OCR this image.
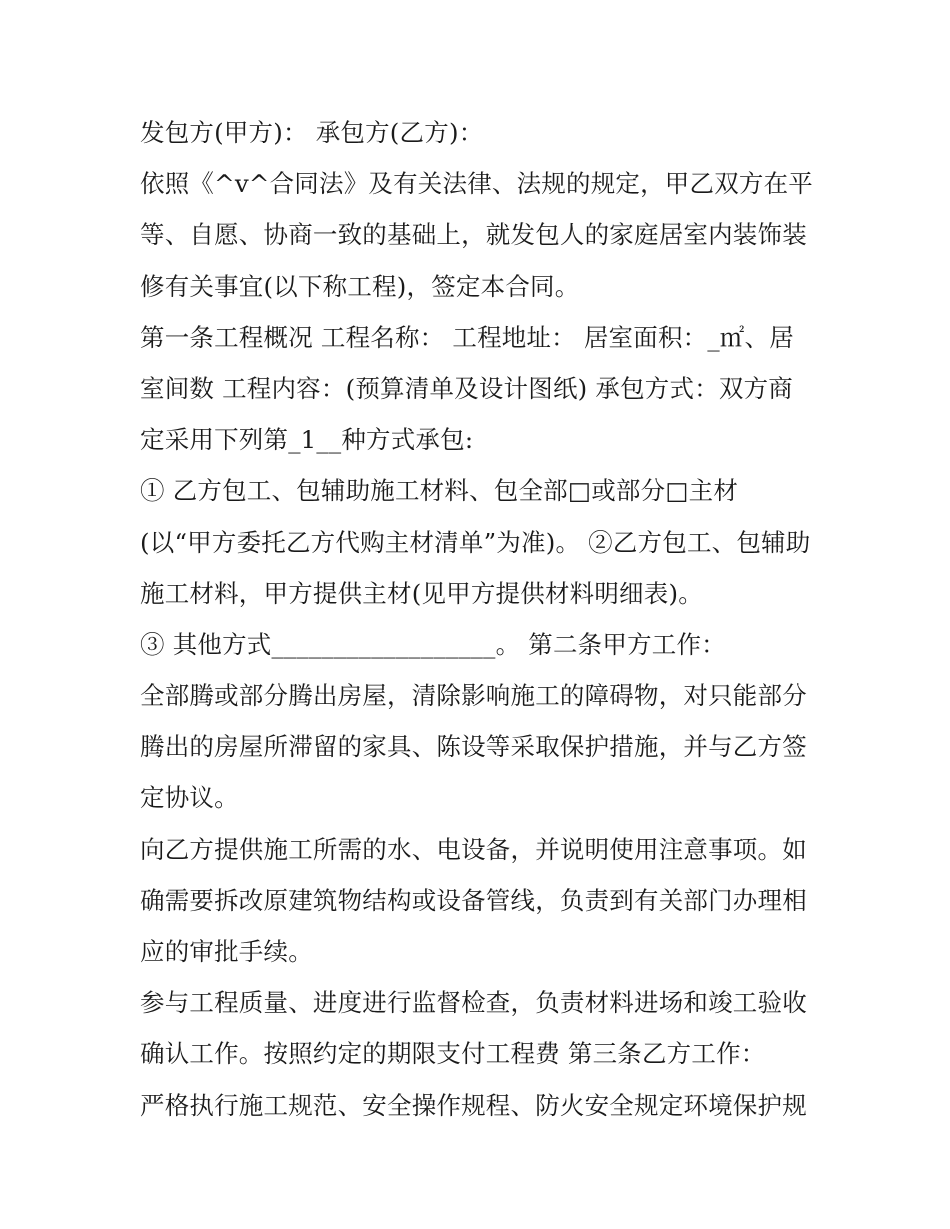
发包方(甲方)： 承包方(乙方)：
依照《^v^合同法》及有关法律、法规的规定，甲乙双方在平
等、自愿、协商一致的基础上，就发包人的家庭居室内装饰装
修有关事宜(以下称工程)，签定本合同。
第一条工程概况 工程名称： 工程地址： 居室面积：_㎡、居
室间数 工程内容：(预算清单及设计图纸) 承包方式：双方商
定采用下列第_1__种方式承包:
① 乙方包工、包辅助施工材料、包全部□或部分□主材
(以“甲方委托乙方代购主材清单”为准)。 ②乙方包工、包辅助
施工材料，甲方提供主材(见甲方提供材料明细表)。
③ 其他方式__________________。 第二条甲方工作：
全部腾或部分腾出房屋，清除影响施工的障碍物，对只能部分
腾出的房屋所滞留的家具、陈设等采取保护措施，并与乙方签
定协议。
向乙方提供施工所需的水、电设备，并说明使用注意事项。如
确需要拆改原建筑物结构或设备管线，负责到有关部门办理相
应的审批手续。
参与工程质量、进度进行监督检查，负责材料进场和竣工验收
确认工作。按照约定的期限支付工程费 第三条乙方工作：
严格执行施工规范、安全操作规程、防火安全规定环境保护规
